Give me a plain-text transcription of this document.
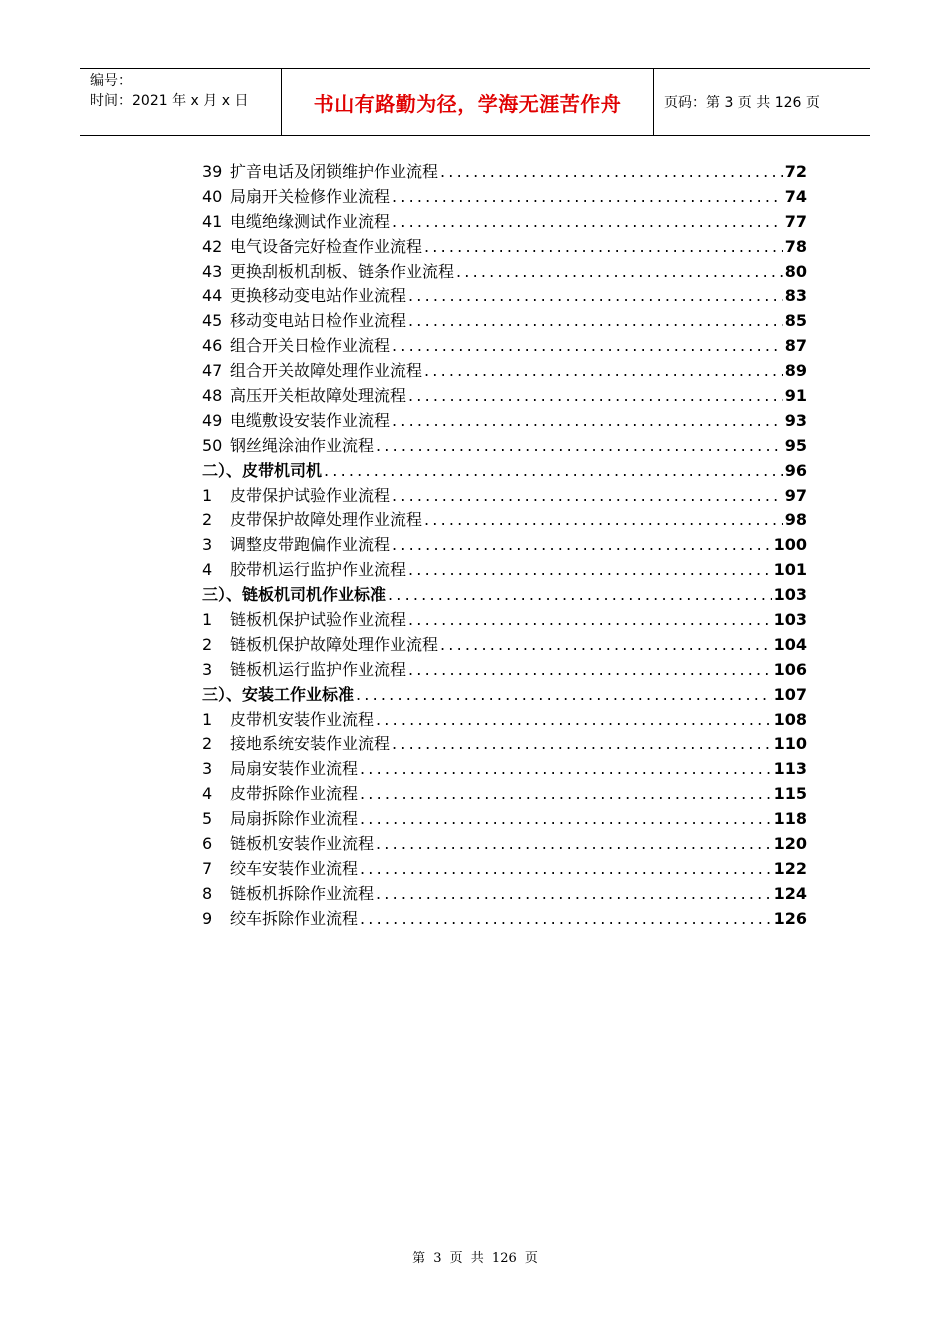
编号：
时间：2021 年 x 月 x 日	书山有路勤为径，学海无涯苦作舟	页码：第 3 页 共 126 页
39 扩音电话及闭锁维护作业流程 .....	72
40 局扇开关检修作业流程 .....	74
41 电缆绝缘测试作业流程 .....	77
42 电气设备完好检查作业流程 .....	78
43 更换刮板机刮板、链条作业流程 .....	80
44 更换移动变电站作业流程 .....	83
45 移动变电站日检作业流程 .....	85
46 组合开关日检作业流程 .....	87
47 组合开关故障处理作业流程 .....	89
48 高压开关柜故障处理流程 .....	91
49 电缆敷设安装作业流程 .....	93
50 钢丝绳涂油作业流程 .....	95
二）、皮带机司机 .....	96
1	皮带保护试验作业流程 .....	97
2	皮带保护故障处理作业流程 .....	98
3	调整皮带跑偏作业流程 .....	100
4	胶带机运行监护作业流程 .....	101
三）、链板机司机作业标准 .....	103
1	链板机保护试验作业流程 .....	103
2	链板机保护故障处理作业流程 .....	104
3	链板机运行监护作业流程 .....	106
三）、安装工作业标准 .....	107
1	皮带机安装作业流程 .....	108
2	接地系统安装作业流程 .....	110
3	局扇安装作业流程 .....	113
4	皮带拆除作业流程 .....	115
5	局扇拆除作业流程 .....	118
6	链板机安装作业流程 .....	120
7	绞车安装作业流程 .....	122
8	链板机拆除作业流程 .....	124
9	绞车拆除作业流程 .....	126
第 3 页 共 126 页
